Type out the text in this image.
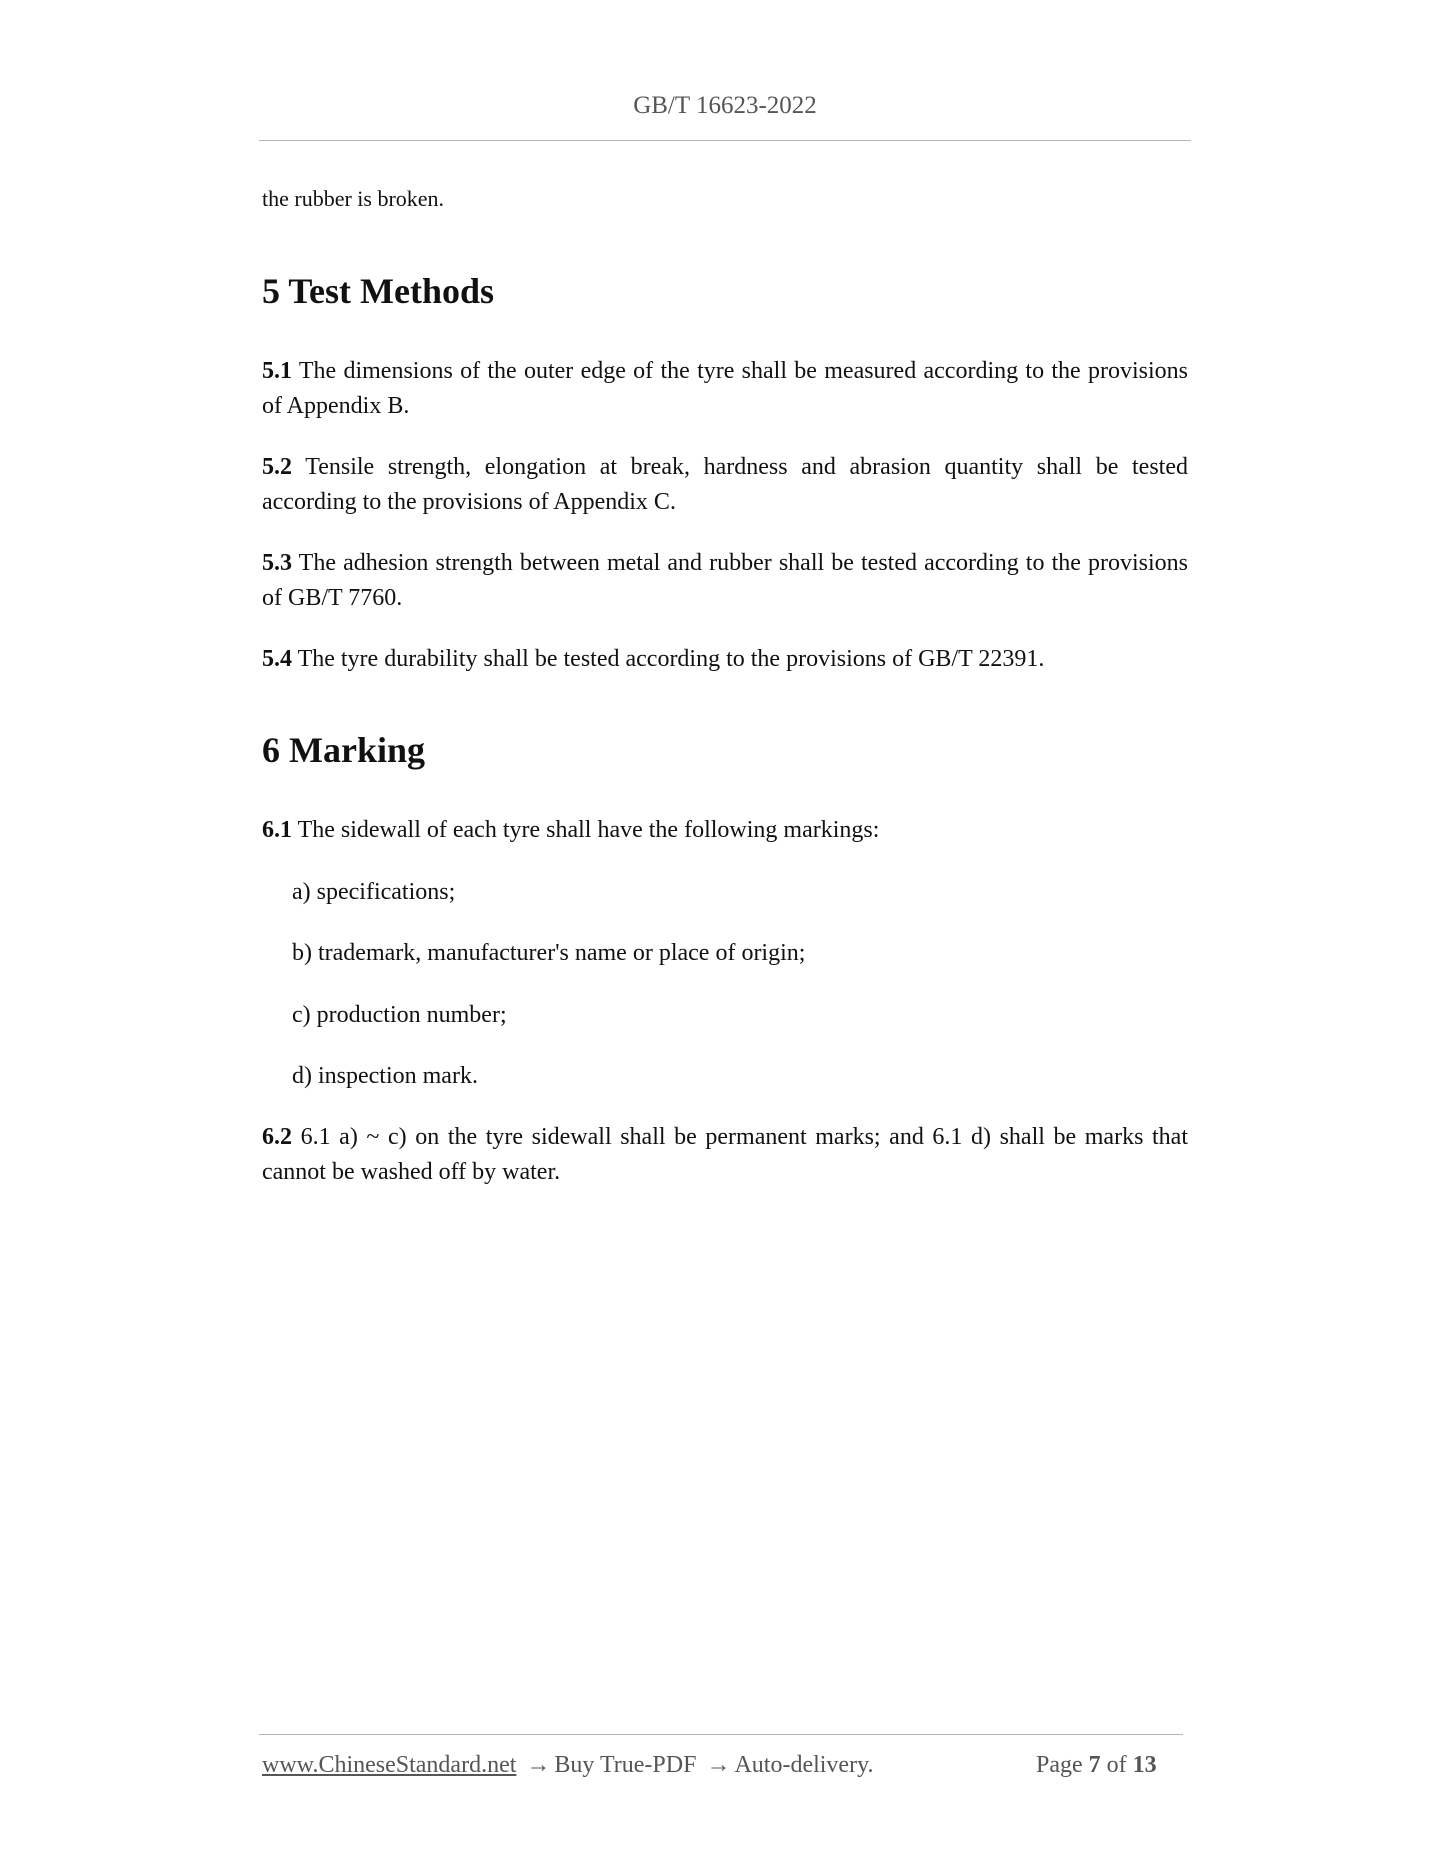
GB/T 16623-2022
the rubber is broken.
5 Test Methods

5.1 The dimensions of the outer edge of the tyre shall be measured according to the provisions of Appendix B.

5.2 Tensile strength, elongation at break, hardness and abrasion quantity shall be tested according to the provisions of Appendix C.

5.3 The adhesion strength between metal and rubber shall be tested according to the provisions of GB/T 7760.

5.4 The tyre durability shall be tested according to the provisions of GB/T 22391.

6 Marking

6.1 The sidewall of each tyre shall have the following markings:

a) specifications;
b) trademark, manufacturer's name or place of origin;
c) production number;
d) inspection mark.

6.2 6.1 a) ~ c) on the tyre sidewall shall be permanent marks; and 6.1 d) shall be marks that cannot be washed off by water.

www.ChineseStandard.net → Buy True-PDF → Auto-delivery.	Page 7 of 13
